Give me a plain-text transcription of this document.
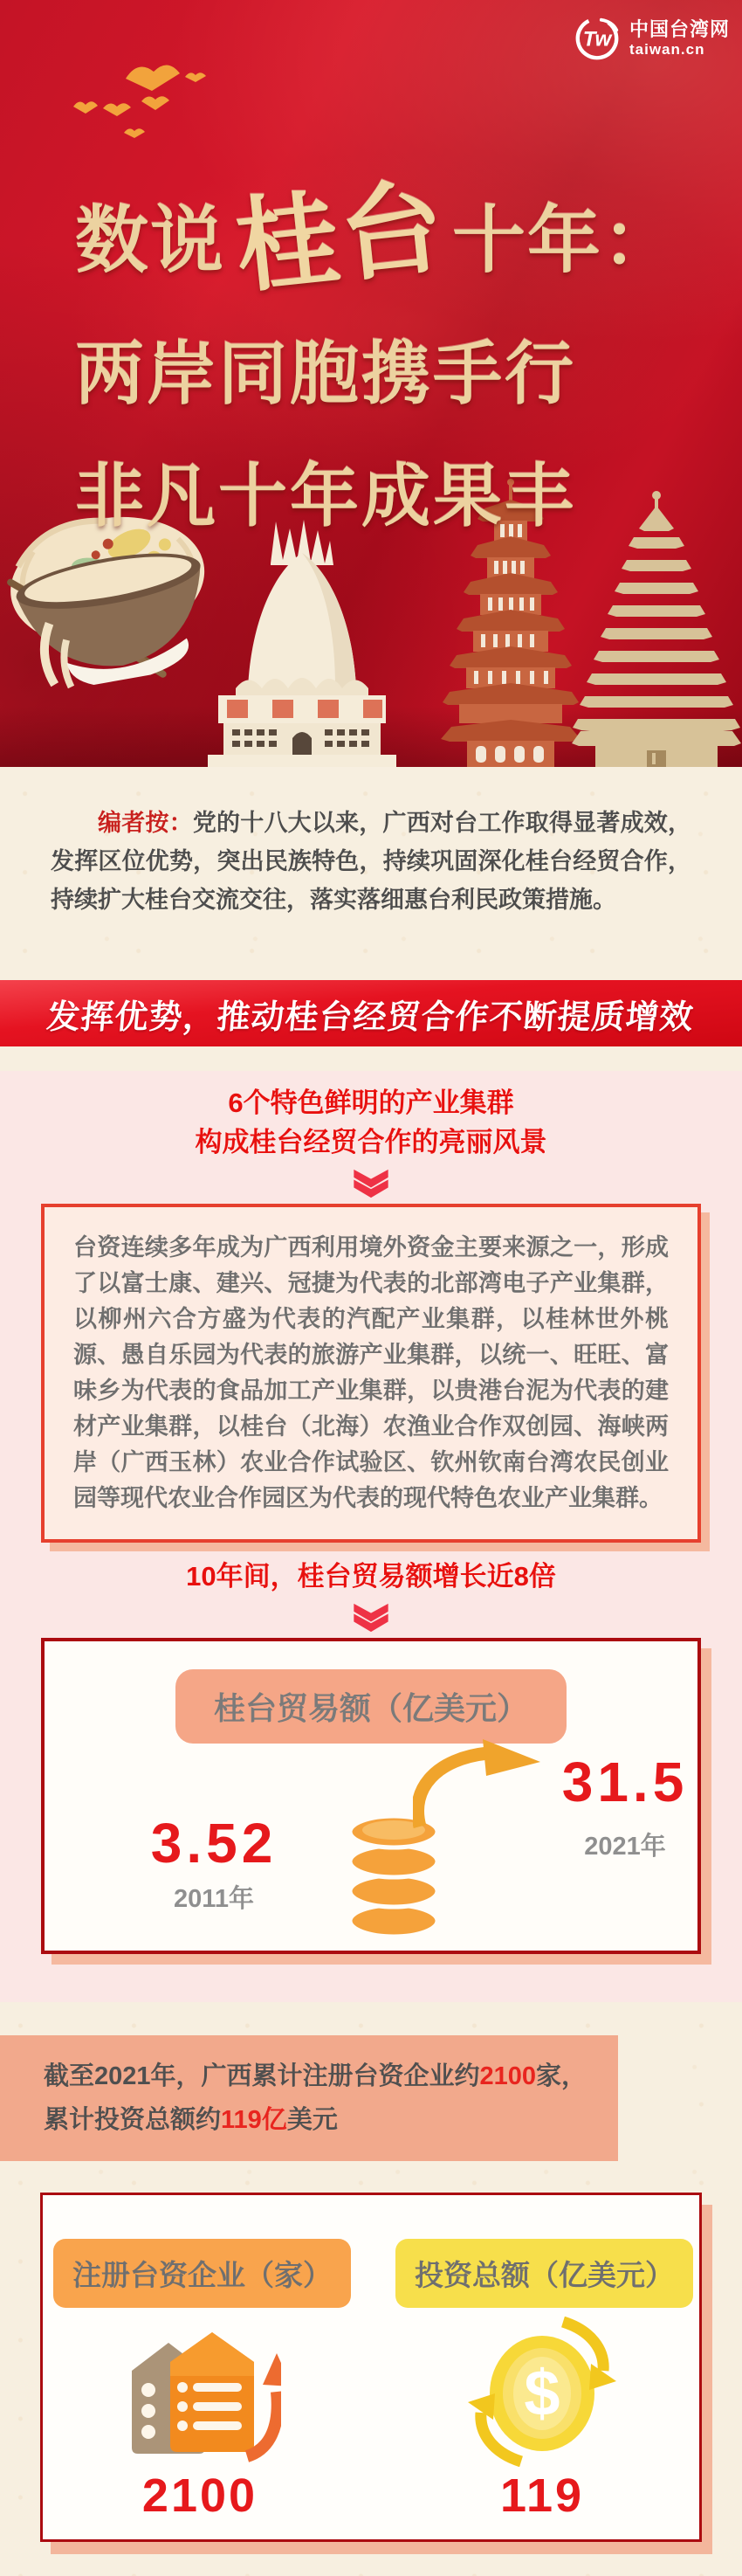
Tw 中国台湾网
taiwan.cn
数说桂台十年：
两岸同胞携手行
非凡十年成果丰

编者按：党的十八大以来，广西对台工作取得显著成效，发挥区位优势，突出民族特色，持续巩固深化桂台经贸合作，持续扩大桂台交流交往，落实落细惠台利民政策措施。

发挥优势，推动桂台经贸合作不断提质增效
6个特色鲜明的产业集群
构成桂台经贸合作的亮丽风景

台资连续多年成为广西利用境外资金主要来源之一，形成了以富士康、建兴、冠捷为代表的北部湾电子产业集群，以柳州六合方盛为代表的汽配产业集群，以桂林世外桃源、愚自乐园为代表的旅游产业集群，以统一、旺旺、富味乡为代表的食品加工产业集群，以贵港台泥为代表的建材产业集群，以桂台（北海）农渔业合作双创园、海峡两岸（广西玉林）农业合作试验区、钦州钦南台湾农民创业园等现代农业合作园区为代表的现代特色农业产业集群。

10年间，桂台贸易额增长近8倍
桂台贸易额（亿美元）
3.52
2011年
31.5
2021年
截至2021年，广西累计注册台资企业约2100家，
累计投资总额约119亿美元
注册台资企业（家）
2100
投资总额（亿美元）
$
119
